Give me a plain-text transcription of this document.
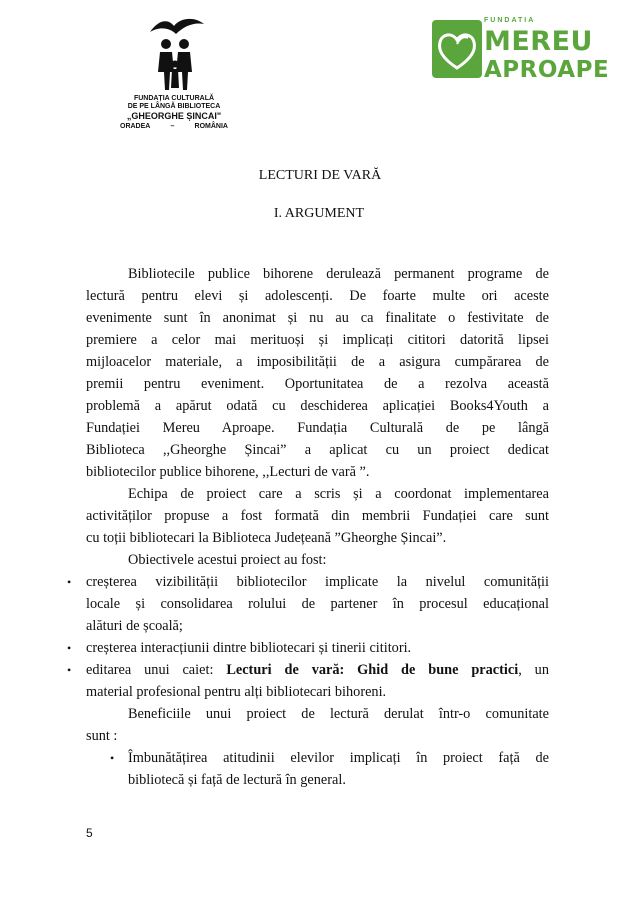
FUNDAȚIA CULTURALĂ
DE PE LÂNGĂ BIBLIOTECA
„GHEORGHE ȘINCAI"
ORADEA	–	ROMÂNIA
FUNDATIA
MEREU
APROAPE
LECTURI DE VARĂ
I. ARGUMENT
Bibliotecile publice bihorene derulează permanent programe de
lectură pentru elevi și adolescenți. De foarte multe ori aceste
evenimente sunt în anonimat și nu au ca finalitate o festivitate de
premiere a celor mai merituoși și implicați cititori datorită lipsei
mijloacelor materiale, a imposibilității de a asigura cumpărarea de
premii pentru eveniment. Oportunitatea de a rezolva această
problemă a apărut odată cu deschiderea aplicației Books4Youth a
Fundației Mereu Aproape. Fundația Culturală de pe lângă
Biblioteca ,,Gheorghe Șincai” a aplicat cu un proiect dedicat
bibliotecilor publice bihorene, ,,Lecturi de vară ”.
Echipa de proiect care a scris și a coordonat implementarea
activităților propuse a fost formată din membrii Fundației care sunt
cu toții bibliotecari la Biblioteca Județeană ”Gheorghe Șincai”.
Obiectivele acestui proiect au fost:
• creșterea vizibilității bibliotecilor implicate la nivelul comunității
locale și consolidarea rolului de partener în procesul educațional
alături de școală;
• creșterea interacțiunii dintre bibliotecari și tinerii cititori.
• editarea unui caiet: Lecturi de vară: Ghid de bune practici, un
material profesional pentru alți bibliotecari bihoreni.
Beneficiile unui proiect de lectură derulat într-o comunitate
sunt :
• Îmbunătățirea atitudinii elevilor implicați în proiect față de
bibliotecă și față de lectură în general.
5
